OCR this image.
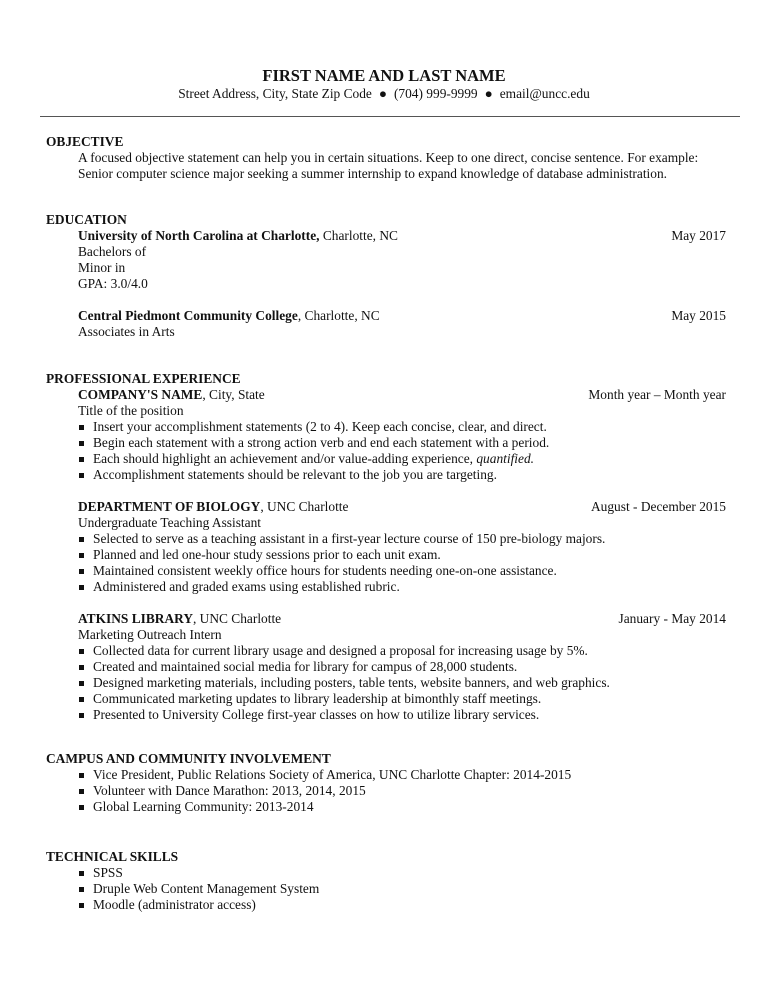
FIRST NAME AND LAST NAME
Street Address, City, State Zip Code ● (704) 999-9999 ● email@uncc.edu
OBJECTIVE
A focused objective statement can help you in certain situations. Keep to one direct, concise sentence. For example:
Senior computer science major seeking a summer internship to expand knowledge of database administration.
EDUCATION
University of North Carolina at Charlotte, Charlotte, NC	May 2017
Bachelors of
Minor in
GPA: 3.0/4.0
Central Piedmont Community College, Charlotte, NC	May 2015
Associates in Arts
PROFESSIONAL EXPERIENCE
COMPANY'S NAME, City, State	Month year – Month year
Title of the position
Insert your accomplishment statements (2 to 4). Keep each concise, clear, and direct.
Begin each statement with a strong action verb and end each statement with a period.
Each should highlight an achievement and/or value-adding experience, quantified.
Accomplishment statements should be relevant to the job you are targeting.
DEPARTMENT OF BIOLOGY, UNC Charlotte	August - December 2015
Undergraduate Teaching Assistant
Selected to serve as a teaching assistant in a first-year lecture course of 150 pre-biology majors.
Planned and led one-hour study sessions prior to each unit exam.
Maintained consistent weekly office hours for students needing one-on-one assistance.
Administered and graded exams using established rubric.
ATKINS LIBRARY, UNC Charlotte	January - May 2014
Marketing Outreach Intern
Collected data for current library usage and designed a proposal for increasing usage by 5%.
Created and maintained social media for library for campus of 28,000 students.
Designed marketing materials, including posters, table tents, website banners, and web graphics.
Communicated marketing updates to library leadership at bimonthly staff meetings.
Presented to University College first-year classes on how to utilize library services.
CAMPUS AND COMMUNITY INVOLVEMENT
Vice President, Public Relations Society of America, UNC Charlotte Chapter: 2014-2015
Volunteer with Dance Marathon: 2013, 2014, 2015
Global Learning Community: 2013-2014
TECHNICAL SKILLS
SPSS
Druple Web Content Management System
Moodle (administrator access)
